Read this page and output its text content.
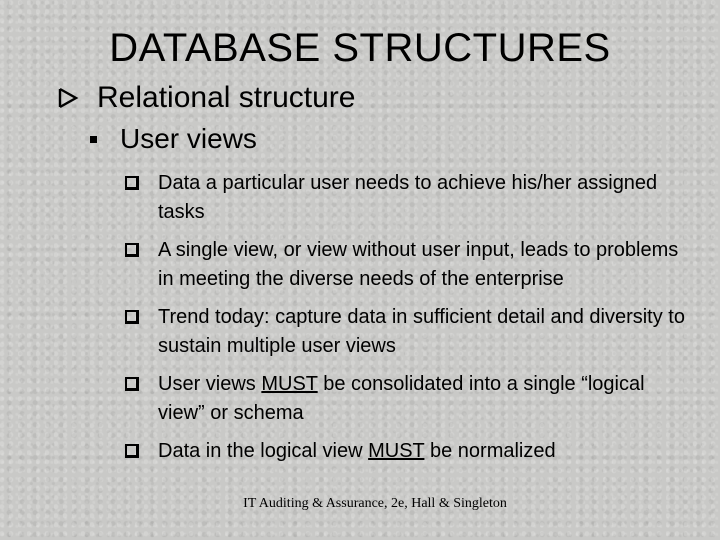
DATABASE STRUCTURES
Relational structure
User views
Data a particular user needs to achieve his/her assigned tasks
A single view, or view without user input, leads to problems in meeting the diverse needs of the enterprise
Trend today: capture data in sufficient detail and diversity to sustain multiple user views
User views MUST be consolidated into a single “logical view” or schema
Data in the logical view MUST be normalized
IT Auditing & Assurance, 2e, Hall & Singleton
